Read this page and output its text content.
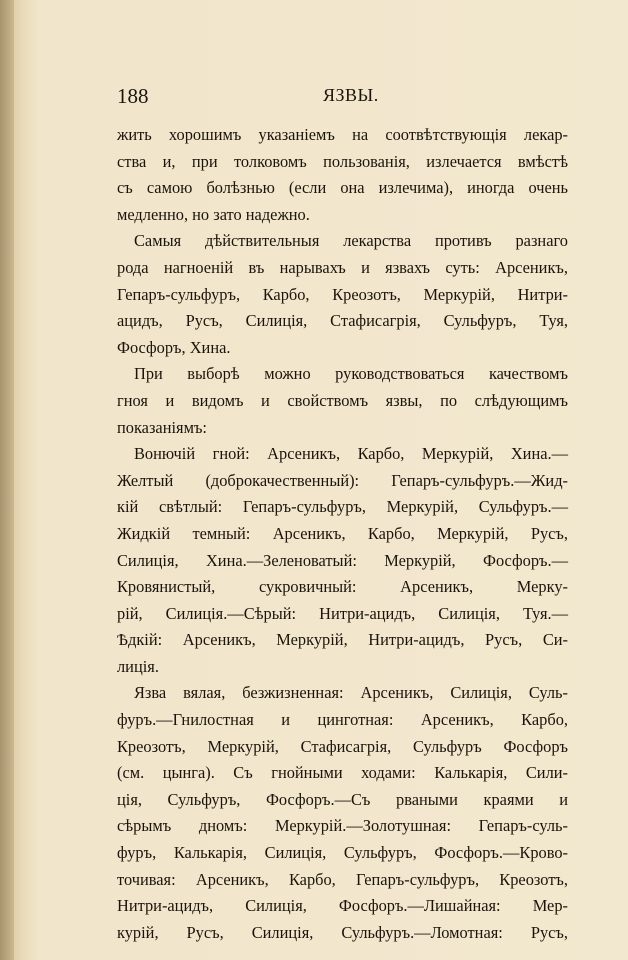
188	ЯЗВЫ.
жить хорошимъ указаніемъ на соотвѣтствующія лекар-
ства и, при толковомъ пользованія, излечается вмѣстѣ
съ самою болѣзнью (если она излечима), иногда очень
медленно, но зато надежно.
Самыя дѣйствительныя лекарства противъ разнаго
рода нагноеній въ нарывахъ и язвахъ суть: Арсеникъ,
Гепаръ-сульфуръ, Карбо, Креозотъ, Меркурій, Нитри-
ацидъ, Русъ, Силиція, Стафисагрія, Сульфуръ, Туя,
Фосфоръ, Хина.
При выборѣ можно руководствоваться качествомъ
гноя и видомъ и свойствомъ язвы, по слѣдующимъ
показаніямъ:
Вонючій гной: Арсеникъ, Карбо, Меркурій, Хина.—
Желтый (доброкачественный): Гепаръ-сульфуръ.—Жид-
кій свѣтлый: Гепаръ-сульфуръ, Меркурій, Сульфуръ.—
Жидкій темный: Арсеникъ, Карбо, Меркурій, Русъ,
Силиція, Хина.—Зеленоватый: Меркурій, Фосфоръ.—
Кровянистый, сукровичный: Арсеникъ, Мерку-
рій, Силиція.—Сѣрый: Нитри-ацидъ, Силиція, Туя.—
Ѣдкій: Арсеникъ, Меркурій, Нитри-ацидъ, Русъ, Си-
лиція.
Язва вялая, безжизненная: Арсеникъ, Силиція, Суль-
фуръ.—Гнилостная и цинготная: Арсеникъ, Карбо,
Креозотъ, Меркурій, Стафисагрія, Сульфуръ Фосфоръ
(см. цынга). Съ гнойными ходами: Калькарія, Сили-
ція, Сульфуръ, Фосфоръ.—Съ рваными краями и
сѣрымъ дномъ: Меркурій.—Золотушная: Гепаръ-суль-
фуръ, Калькарія, Силиція, Сульфуръ, Фосфоръ.—Крово-
точивая: Арсеникъ, Карбо, Гепаръ-сульфуръ, Креозотъ,
Нитри-ацидъ, Силиція, Фосфоръ.—Лишайная: Мер-
курій, Русъ, Силиція, Сульфуръ.—Ломотная: Русъ,
